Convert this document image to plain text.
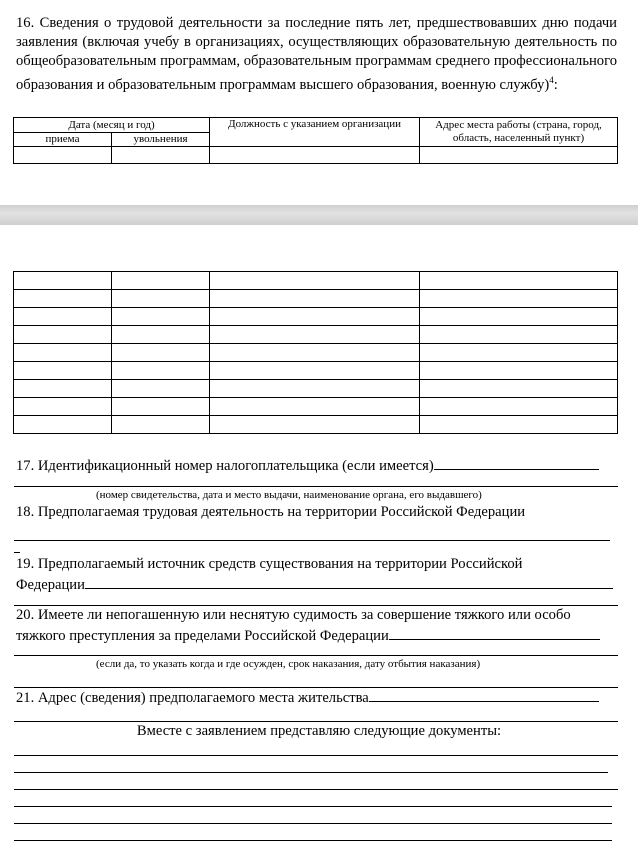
16. Сведения о трудовой деятельности за последние пять лет, предшествовавших дню подачи заявления (включая учебу в организациях, осуществляющих образовательную деятельность по общеобразовательным программам, образовательным программам среднего профессионального образования и образовательным программам высшего образования, военную службу)$^4$:
Дата (месяц и год)		Должность с указанием организации	Адрес места работы (страна, город, область, населенный пункт)
приема	увольнения		

17. Идентификационный номер налогоплательщика (если имеется)
(номер свидетельства, дата и место выдачи, наименование органа, его выдавшего)
18. Предполагаемая трудовая деятельность на территории Российской Федерации
19. Предполагаемый источник средств существования на территории Российской
Федерации
20. Имеете ли непогашенную или неснятую судимость за совершение тяжкого или особо
тяжкого преступления за пределами Российской Федерации
(если да, то указать когда и где осужден, срок наказания, дату отбытия наказания)
21. Адрес (сведения) предполагаемого места жительства
Вместе с заявлением представляю следующие документы:
